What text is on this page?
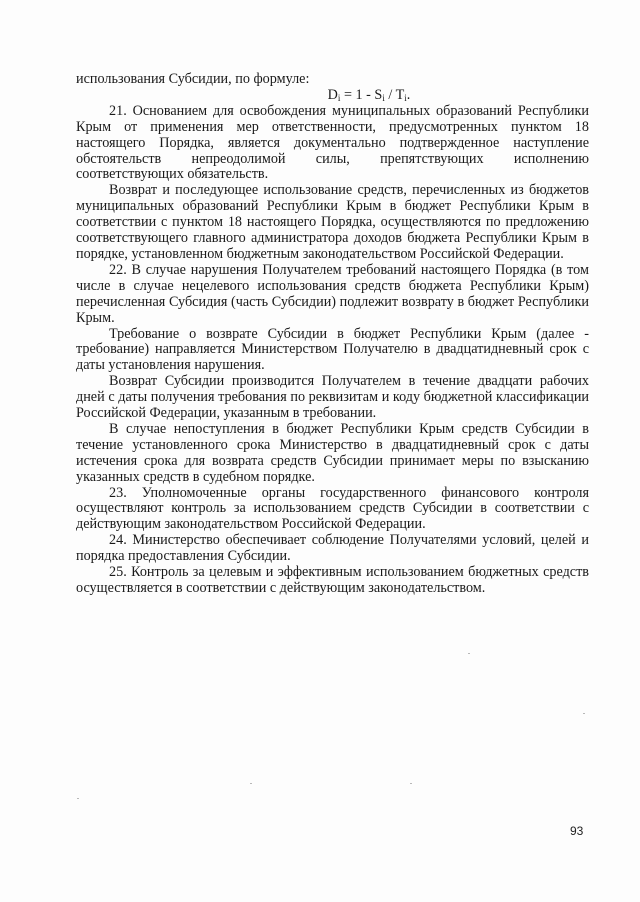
использования Субсидии, по формуле:

$D_i = 1 - S_i / T_i$.

21. Основанием для освобождения муниципальных образований Республики Крым от применения мер ответственности, предусмотренных пунктом 18 настоящего Порядка, является документально подтвержденное наступление обстоятельств непреодолимой силы, препятствующих исполнению соответствующих обязательств.

Возврат и последующее использование средств, перечисленных из бюджетов муниципальных образований Республики Крым в бюджет Республики Крым в соответствии с пунктом 18 настоящего Порядка, осуществляются по предложению соответствующего главного администратора доходов бюджета Республики Крым в порядке, установленном бюджетным законодательством Российской Федерации.

22. В случае нарушения Получателем требований настоящего Порядка (в том числе в случае нецелевого использования средств бюджета Республики Крым) перечисленная Субсидия (часть Субсидии) подлежит возврату в бюджет Республики Крым.

Требование о возврате Субсидии в бюджет Республики Крым (далее - требование) направляется Министерством Получателю в двадцатидневный срок с даты установления нарушения.

Возврат Субсидии производится Получателем в течение двадцати рабочих дней с даты получения требования по реквизитам и коду бюджетной классификации Российской Федерации, указанным в требовании.

В случае непоступления в бюджет Республики Крым средств Субсидии в течение установленного срока Министерство в двадцатидневный срок с даты истечения срока для возврата средств Субсидии принимает меры по взысканию указанных средств в судебном порядке.

23. Уполномоченные органы государственного финансового контроля осуществляют контроль за использованием средств Субсидии в соответствии с действующим законодательством Российской Федерации.

24. Министерство обеспечивает соблюдение Получателями условий, целей и порядка предоставления Субсидии.

25. Контроль за целевым и эффективным использованием бюджетных средств осуществляется в соответствии с действующим законодательством.

93
